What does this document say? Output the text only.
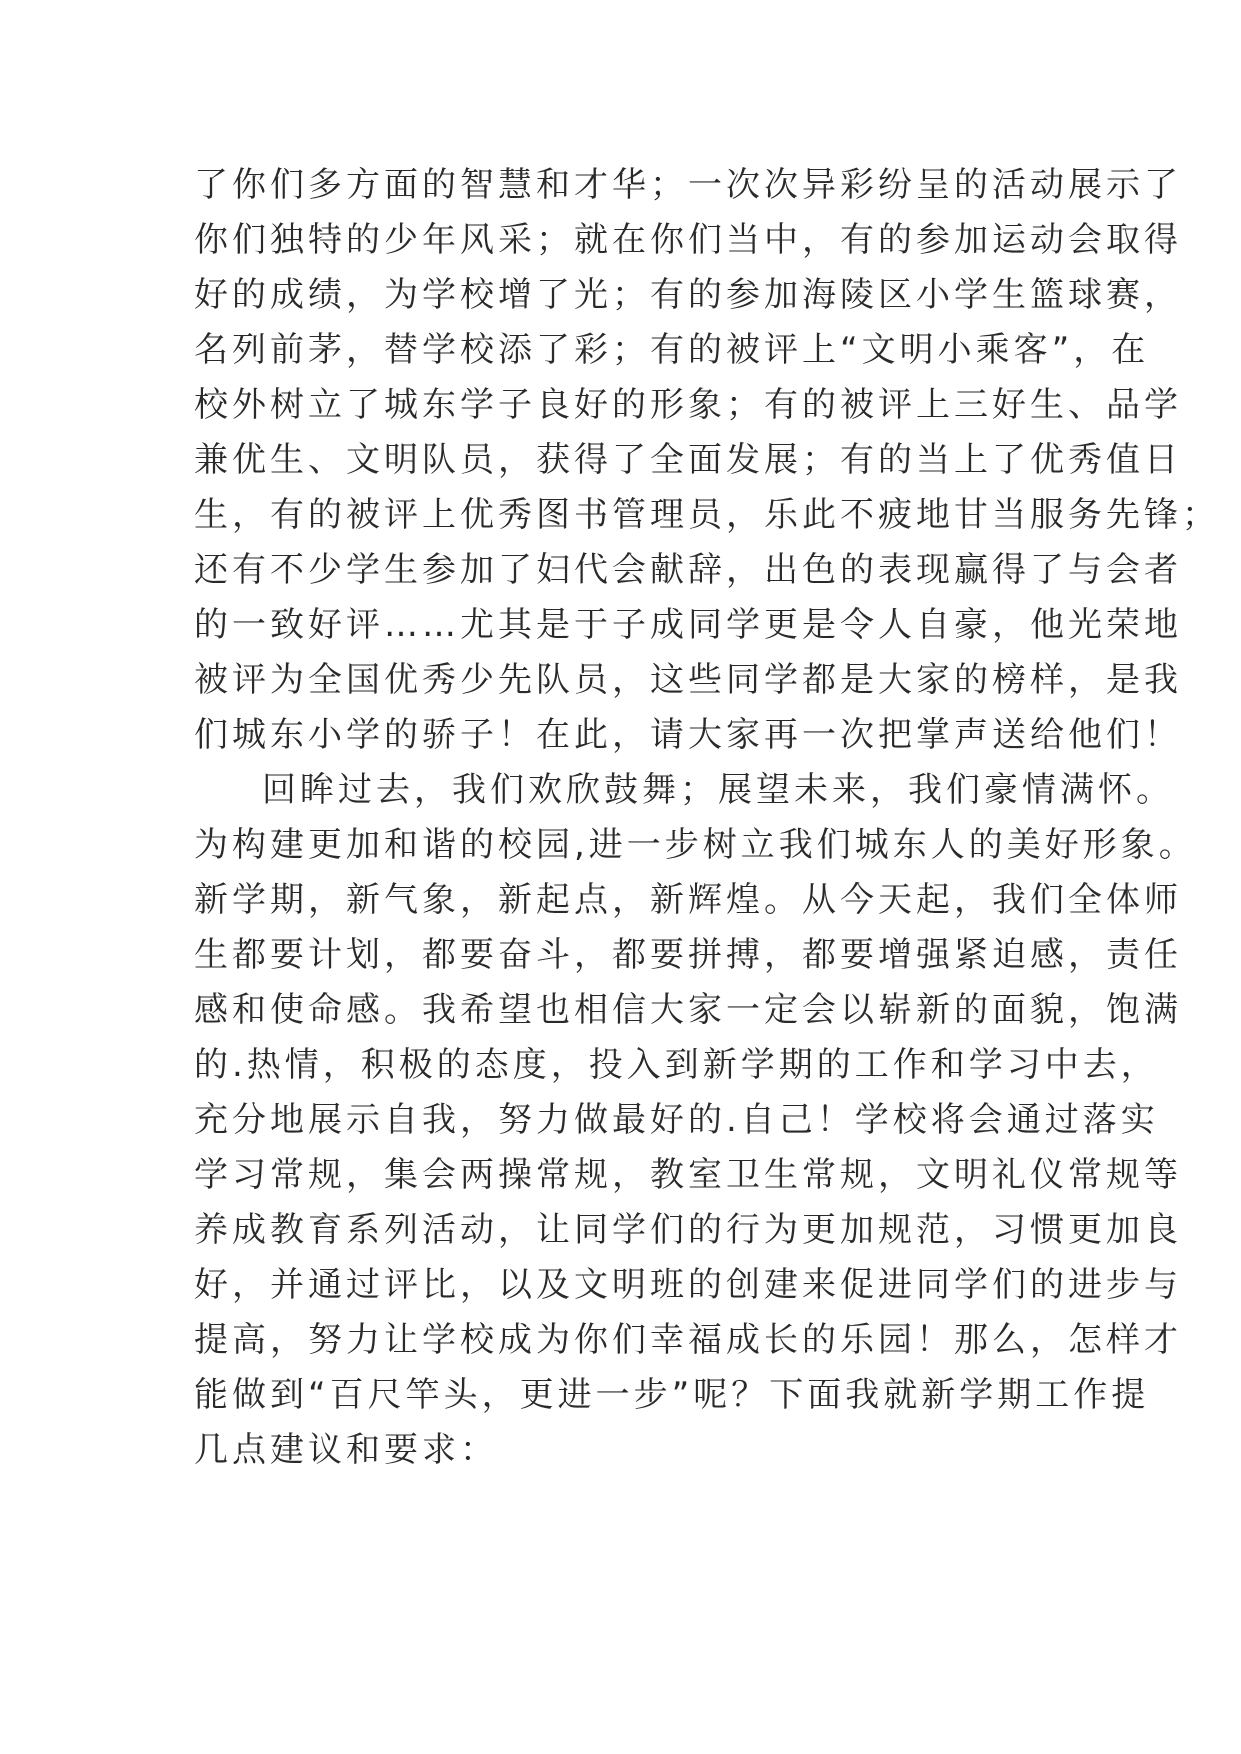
了你们多方面的智慧和才华；一次次异彩纷呈的活动展示了
你们独特的少年风采；就在你们当中，有的参加运动会取得
好的成绩，为学校增了光；有的参加海陵区小学生篮球赛，
名列前茅，替学校添了彩；有的被评上“文明小乘客”，在
校外树立了城东学子良好的形象；有的被评上三好生、品学
兼优生、文明队员，获得了全面发展；有的当上了优秀值日
生，有的被评上优秀图书管理员，乐此不疲地甘当服务先锋；
还有不少学生参加了妇代会献辞，出色的表现赢得了与会者
的一致好评……尤其是于子成同学更是令人自豪，他光荣地
被评为全国优秀少先队员，这些同学都是大家的榜样，是我
们城东小学的骄子！在此，请大家再一次把掌声送给他们！
回眸过去，我们欢欣鼓舞；展望未来，我们豪情满怀。
为构建更加和谐的校园,进一步树立我们城东人的美好形象。
新学期，新气象，新起点，新辉煌。从今天起，我们全体师
生都要计划，都要奋斗，都要拼搏，都要增强紧迫感，责任
感和使命感。我希望也相信大家一定会以崭新的面貌，饱满
的.热情，积极的态度，投入到新学期的工作和学习中去，
充分地展示自我，努力做最好的.自己！学校将会通过落实
学习常规，集会两操常规，教室卫生常规，文明礼仪常规等
养成教育系列活动，让同学们的行为更加规范，习惯更加良
好，并通过评比，以及文明班的创建来促进同学们的进步与
提高，努力让学校成为你们幸福成长的乐园！那么，怎样才
能做到“百尺竿头，更进一步”呢？下面我就新学期工作提
几点建议和要求：
